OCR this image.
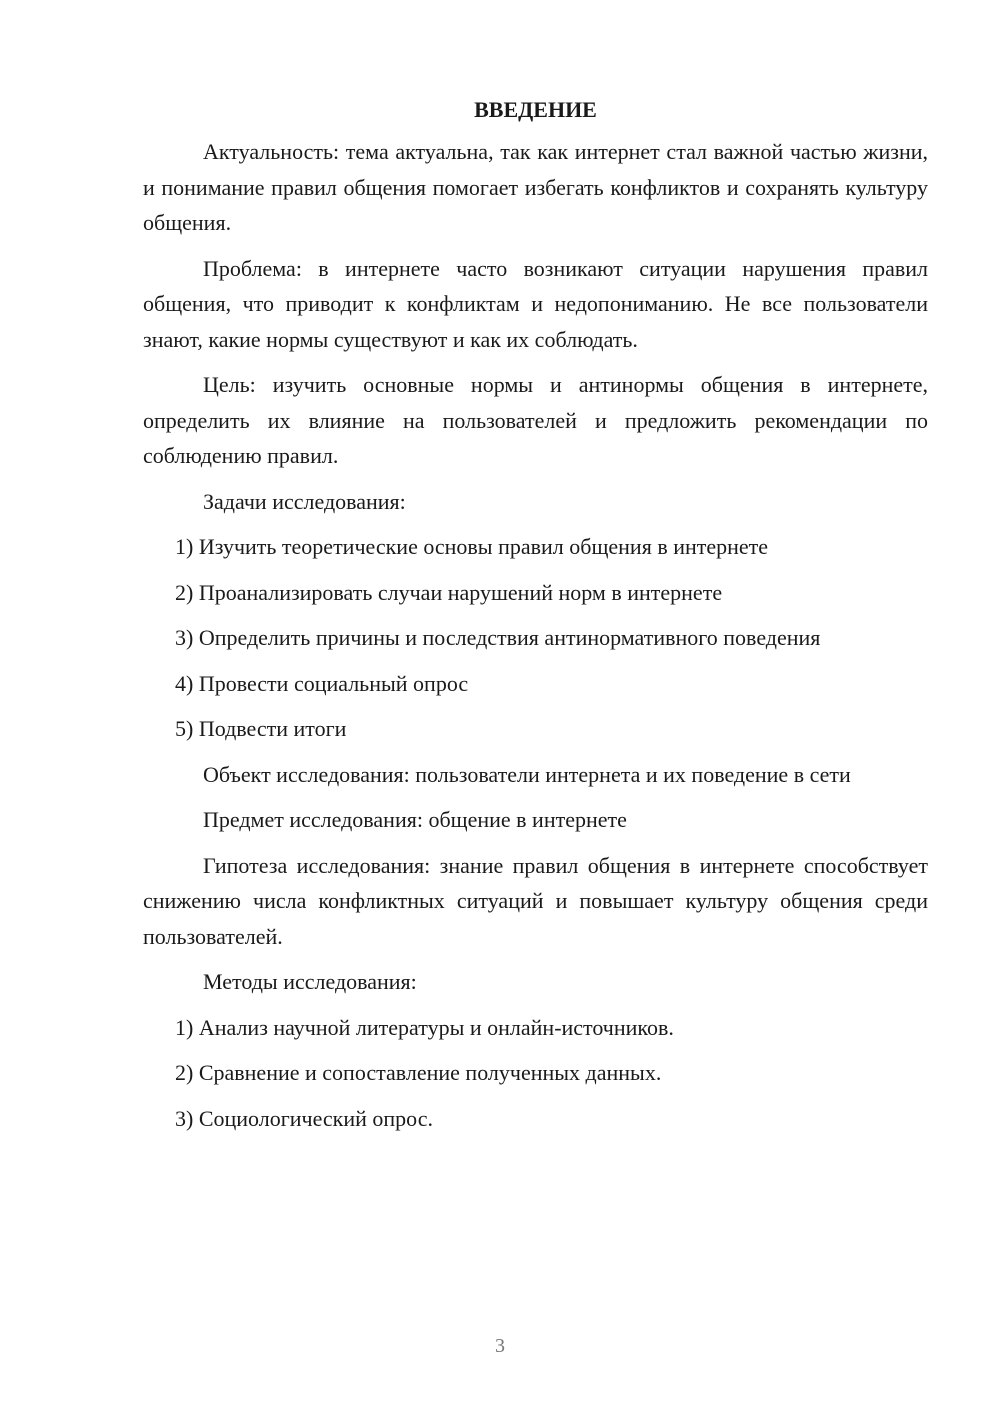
ВВЕДЕНИЕ

Актуальность: тема актуальна, так как интернет стал важной частью жизни, и понимание правил общения помогает избегать конфликтов и сохранять культуру общения.

Проблема: в интернете часто возникают ситуации нарушения правил общения, что приводит к конфликтам и недопониманию. Не все пользователи знают, какие нормы существуют и как их соблюдать.

Цель: изучить основные нормы и антинормы общения в интернете, определить их влияние на пользователей и предложить рекомендации по соблюдению правил.

Задачи исследования:

1) Изучить теоретические основы правил общения в интернете
2) Проанализировать случаи нарушений норм в интернете
3) Определить причины и последствия антинормативного поведения
4) Провести социальный опрос
5) Подвести итоги

Объект исследования: пользователи интернета и их поведение в сети

Предмет исследования: общение в интернете

Гипотеза исследования: знание правил общения в интернете способствует снижению числа конфликтных ситуаций и повышает культуру общения среди пользователей.

Методы исследования:

1) Анализ научной литературы и онлайн-источников.
2) Сравнение и сопоставление полученных данных.
3) Социологический опрос.
3
